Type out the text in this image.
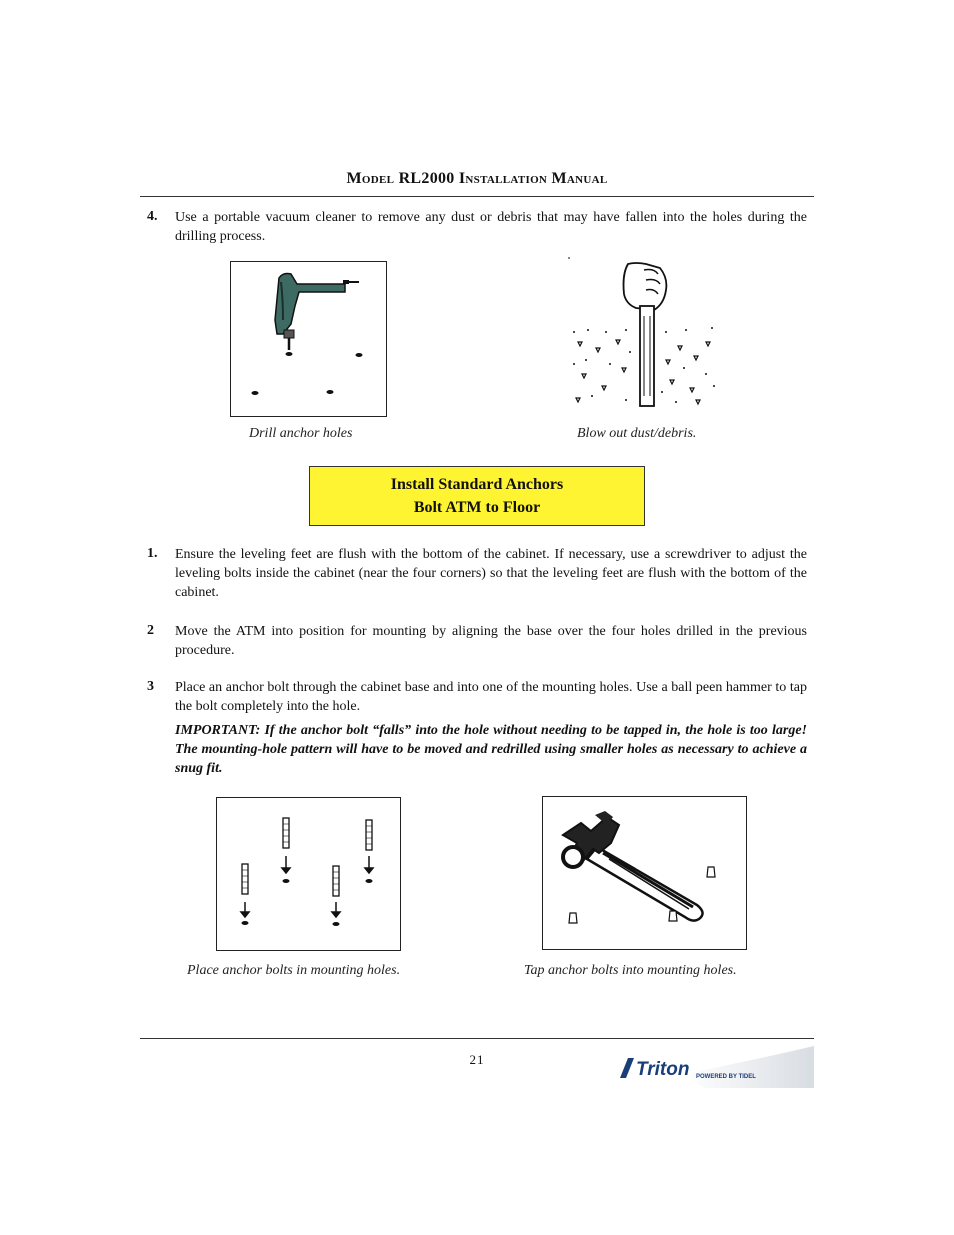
Model RL2000 Installation Manual
4. Use a portable vacuum cleaner to remove any dust or debris that may have fallen into the holes during the drilling process.
Drill anchor holes	Blow out dust/debris.
Install Standard Anchors
Bolt ATM to Floor
1. Ensure the leveling feet are flush with the bottom of the cabinet. If necessary, use a screwdriver to adjust the leveling bolts inside the cabinet (near the four corners) so that the leveling feet are flush with the bottom of the cabinet.
2 Move the ATM into position for mounting by aligning the base over the four holes drilled in the previous procedure.
3 Place an anchor bolt through the cabinet base and into one of the mounting holes. Use a ball peen hammer to tap the bolt completely into the hole.
IMPORTANT: If the anchor bolt “falls” into the hole without needing to be tapped in, the hole is too large! The mounting-hole pattern will have to be moved and redrilled using smaller holes as necessary to achieve a snug fit.
Place anchor bolts in mounting holes.	Tap anchor bolts into mounting holes.
21	Triton POWERED BY TIDEL
